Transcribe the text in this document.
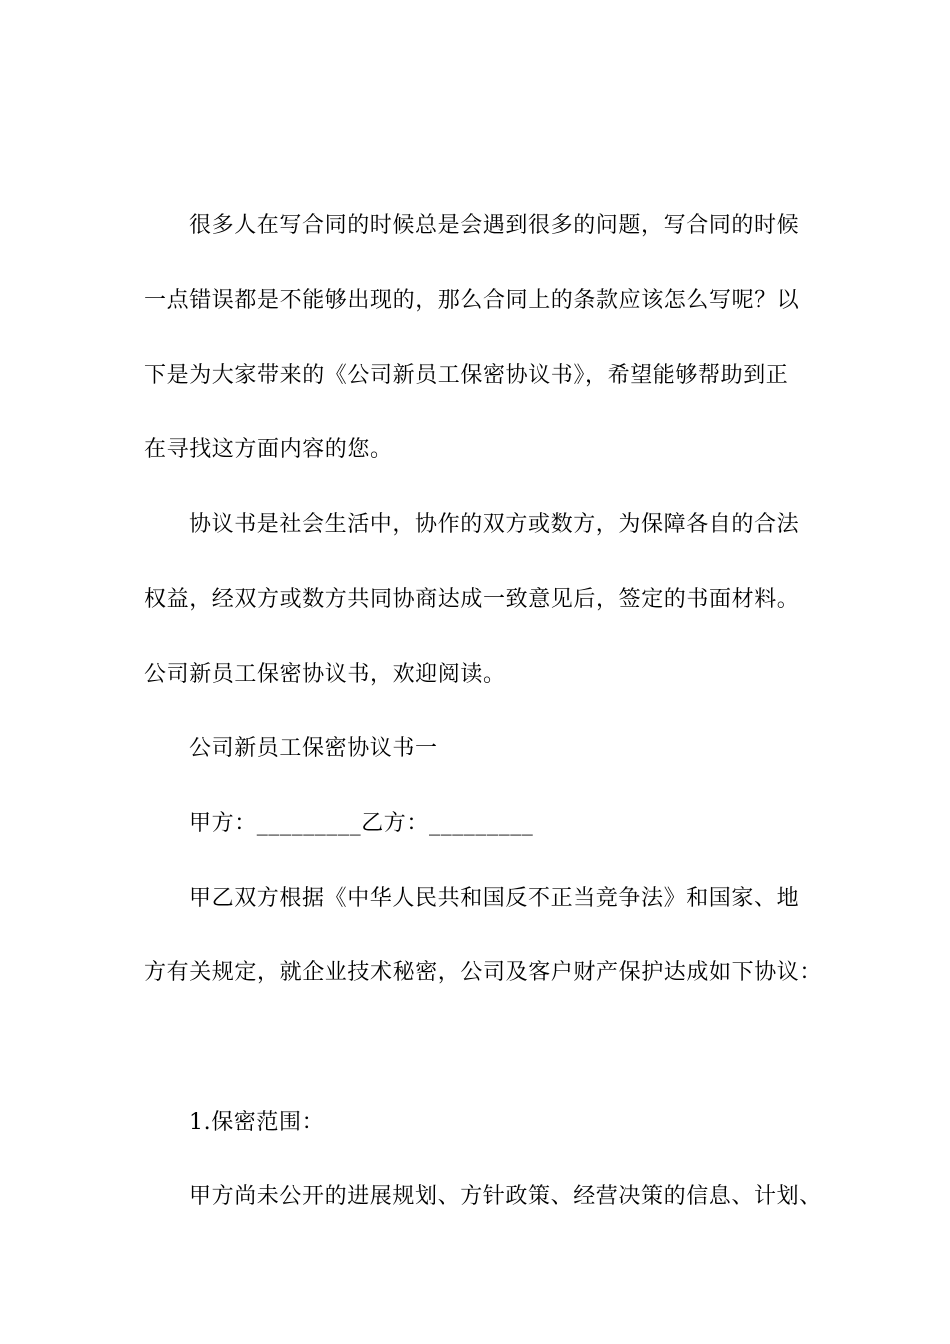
很多人在写合同的时候总是会遇到很多的问题，写合同的时候
一点错误都是不能够出现的，那么合同上的条款应该怎么写呢？以
下是为大家带来的《公司新员工保密协议书》，希望能够帮助到正
在寻找这方面内容的您。
协议书是社会生活中，协作的双方或数方，为保障各自的合法
权益，经双方或数方共同协商达成一致意见后，签定的书面材料。
公司新员工保密协议书，欢迎阅读。
公司新员工保密协议书一
甲方：_________乙方：_________
甲乙双方根据《中华人民共和国反不正当竞争法》和国家、地
方有关规定，就企业技术秘密，公司及客户财产保护达成如下协议：
1.保密范围：
甲方尚未公开的进展规划、方针政策、经营决策的信息、计划、
